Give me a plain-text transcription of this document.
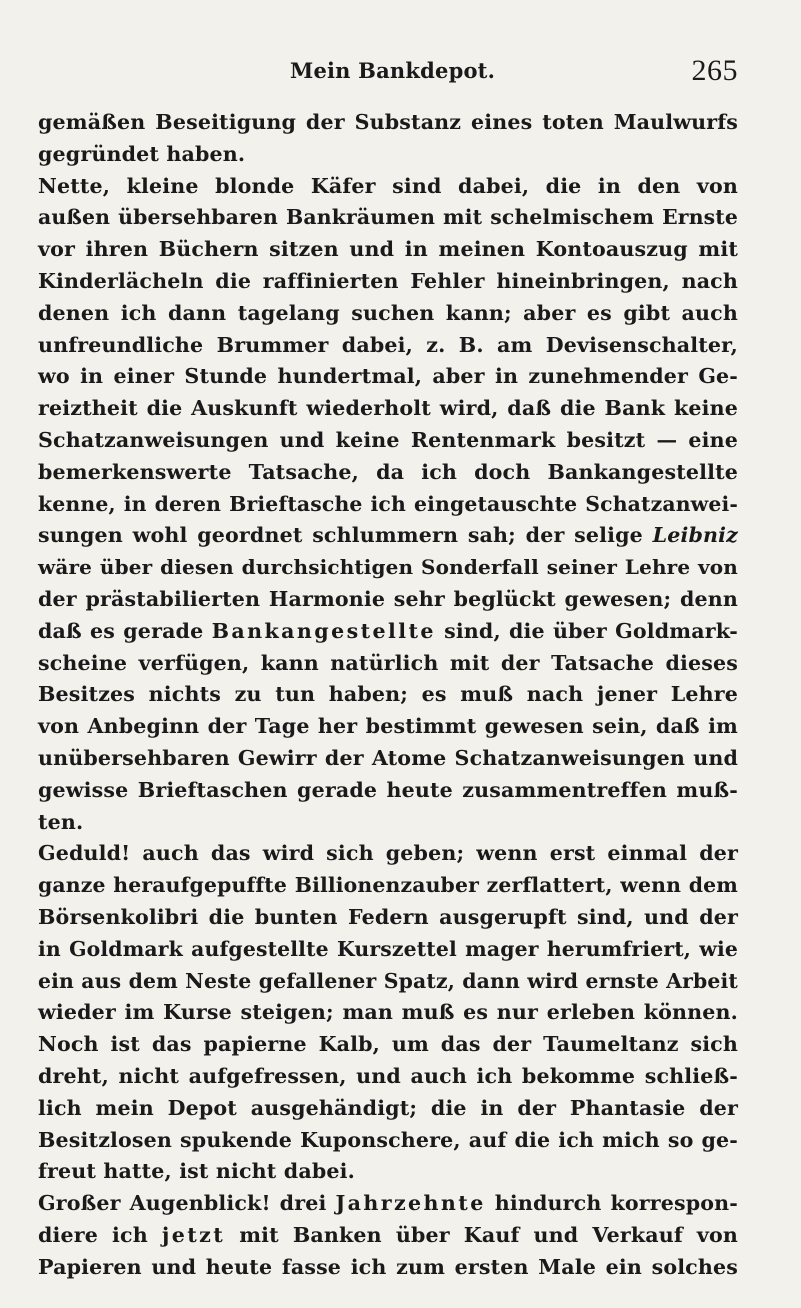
Mein Bankdepot.	265
gemäßen Beseitigung der Substanz eines toten Maulwurfs
gegründet haben.
Nette, kleine blonde Käfer sind dabei, die in den von
außen übersehbaren Bankräumen mit schelmischem Ernste
vor ihren Büchern sitzen und in meinen Kontoauszug mit
Kinderlächeln die raffinierten Fehler hineinbringen, nach
denen ich dann tagelang suchen kann; aber es gibt auch
unfreundliche Brummer dabei, z. B. am Devisenschalter,
wo in einer Stunde hundertmal, aber in zunehmender Ge-
reiztheit die Auskunft wiederholt wird, daß die Bank keine
Schatzanweisungen und keine Rentenmark besitzt — eine
bemerkenswerte Tatsache, da ich doch Bankangestellte
kenne, in deren Brieftasche ich eingetauschte Schatzanwei-
sungen wohl geordnet schlummern sah; der selige Leibniz
wäre über diesen durchsichtigen Sonderfall seiner Lehre von
der prästabilierten Harmonie sehr beglückt gewesen; denn
daß es gerade Bankangestellte sind, die über Goldmark-
scheine verfügen, kann natürlich mit der Tatsache dieses
Besitzes nichts zu tun haben; es muß nach jener Lehre
von Anbeginn der Tage her bestimmt gewesen sein, daß im
unübersehbaren Gewirr der Atome Schatzanweisungen und
gewisse Brieftaschen gerade heute zusammentreffen muß-
ten.
Geduld! auch das wird sich geben; wenn erst einmal der
ganze heraufgepuffte Billionenzauber zerflattert, wenn dem
Börsenkolibri die bunten Federn ausgerupft sind, und der
in Goldmark aufgestellte Kurszettel mager herumfriert, wie
ein aus dem Neste gefallener Spatz, dann wird ernste Arbeit
wieder im Kurse steigen; man muß es nur erleben können.
Noch ist das papierne Kalb, um das der Taumeltanz sich
dreht, nicht aufgefressen, und auch ich bekomme schließ-
lich mein Depot ausgehändigt; die in der Phantasie der
Besitzlosen spukende Kuponschere, auf die ich mich so ge-
freut hatte, ist nicht dabei.
Großer Augenblick! drei Jahrzehnte hindurch korrespon-
diere ich jetzt mit Banken über Kauf und Verkauf von
Papieren und heute fasse ich zum ersten Male ein solches
